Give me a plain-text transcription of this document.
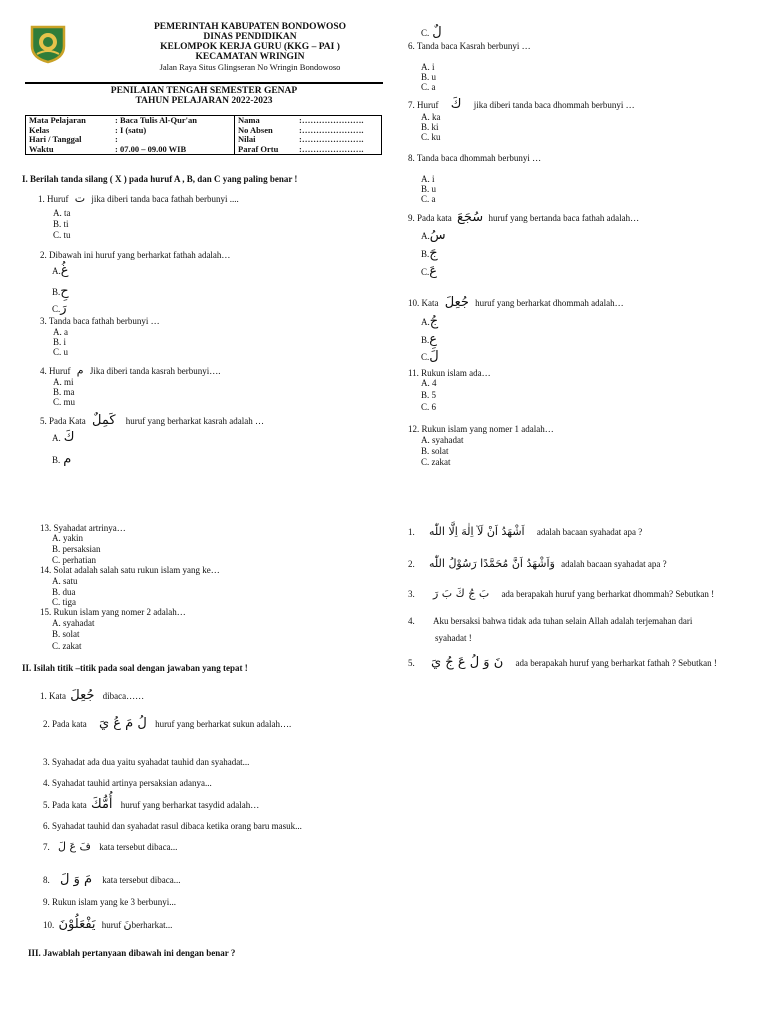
PEMERINTAH KABUPATEN BONDOWOSO
DINAS PENDIDIKAN
KELOMPOK KERJA GURU (KKG – PAI )
KECAMATAN WRINGIN
Jalan Raya Situs Glingseran No Wringin Bondowoso
PENILAIAN TENGAH SEMESTER GENAP
TAHUN PELAJARAN 2022-2023
Mata Pelajaran	: Baca Tulis Al-Qur'an	Nama	:………………….
Kelas	: I (satu)	No Absen	:………………….
Hari / Tanggal	:	Nilai	:………………….
Waktu	: 07.00 – 09.00 WIB	Paraf Ortu	:………………….
I. Berilah tanda silang ( X ) pada huruf A , B, dan C yang paling benar !
1. Huruf ت jika diberi tanda baca fathah berbunyi ....
A. ta
B. ti
C. tu
2. Dibawah ini huruf yang berharkat fathah adalah…
A.غُ
B.حِ
C.رَ
3. Tanda baca fathah berbunyi …
A. a
B. i
C. u
4. Huruf م Jika diberi tanda kasrah berbunyi….
A. mi
B. ma
C. mu
5. Pada Kata كَمِلٌ huruf yang berharkat kasrah adalah …
A. كَ
B. م
C. لٌ
6. Tanda baca Kasrah berbunyi …
A. i
B. u
C. a
7. Huruf كَ jika diberi tanda baca dhommah berbunyi …
A. ka
B. ki
C. ku
8. Tanda baca dhommah berbunyi …
A. i
B. u
C. a
9. Pada kata سُجَعَ huruf yang bertanda baca fathah adalah…
A.سُ
B.جَ
C.عَ
10. Kata جُعِلَ huruf yang berharkat dhommah adalah…
A.جُ
B.عِ
C.لَ
11. Rukun islam ada…
A. 4
B. 5
C. 6
12. Rukun islam yang nomer 1 adalah…
A. syahadat
B. solat
C. zakat
13. Syahadat artrinya…
A. yakin
B. persaksian
C. perhatian
14. Solat adalah salah satu rukun islam yang ke…
A. satu
B. dua
C. tiga
15. Rukun islam yang nomer 2 adalah…
A. syahadat
B. solat
C. zakat
II. Isilah titik –titik pada soal dengan jawaban yang tepat !
1. Kata جُعِلَ dibaca……
2. Pada kata لُ مَ عُ يَ huruf yang berharkat sukun adalah….
3. Syahadat ada dua yaitu syahadat tauhid dan syahadat...
4. Syahadat tauhid artinya persaksian adanya...
5. Pada kata أُمُّكَ huruf yang berharkat tasydid adalah…
6. Syahadat tauhid dan syahadat rasul dibaca ketika orang baru masuk...
7. فَ عَ لَ kata tersebut dibaca...
8. مَ وَ لَ kata tersebut dibaca...
9. Rukun islam yang ke 3 berbunyi...
10. يَفْعَلُوْنَ huruf نَberharkat...
III. Jawablah pertanyaan dibawah ini dengan benar ?
1. اَشْهَدُ اَنْ لَآ اِلٰهَ اِلَّا اللّٰه adalah bacaan syahadat apa ?
2. وَاَشْهَدُ اَنَّ مُحَمَّدًا رَسُوْلُ اللّٰه adalah bacaan syahadat apa ?
3. بَ جُ كَ بَ رَ ada berapakah huruf yang berharkat dhommah? Sebutkan !
4. Aku bersaksi bahwa tidak ada tuhan selain Allah adalah terjemahan dari
syahadat !
5. نَ وَ لُ عَ جُ يَ ada berapakah huruf yang berharkat fathah ? Sebutkan !
